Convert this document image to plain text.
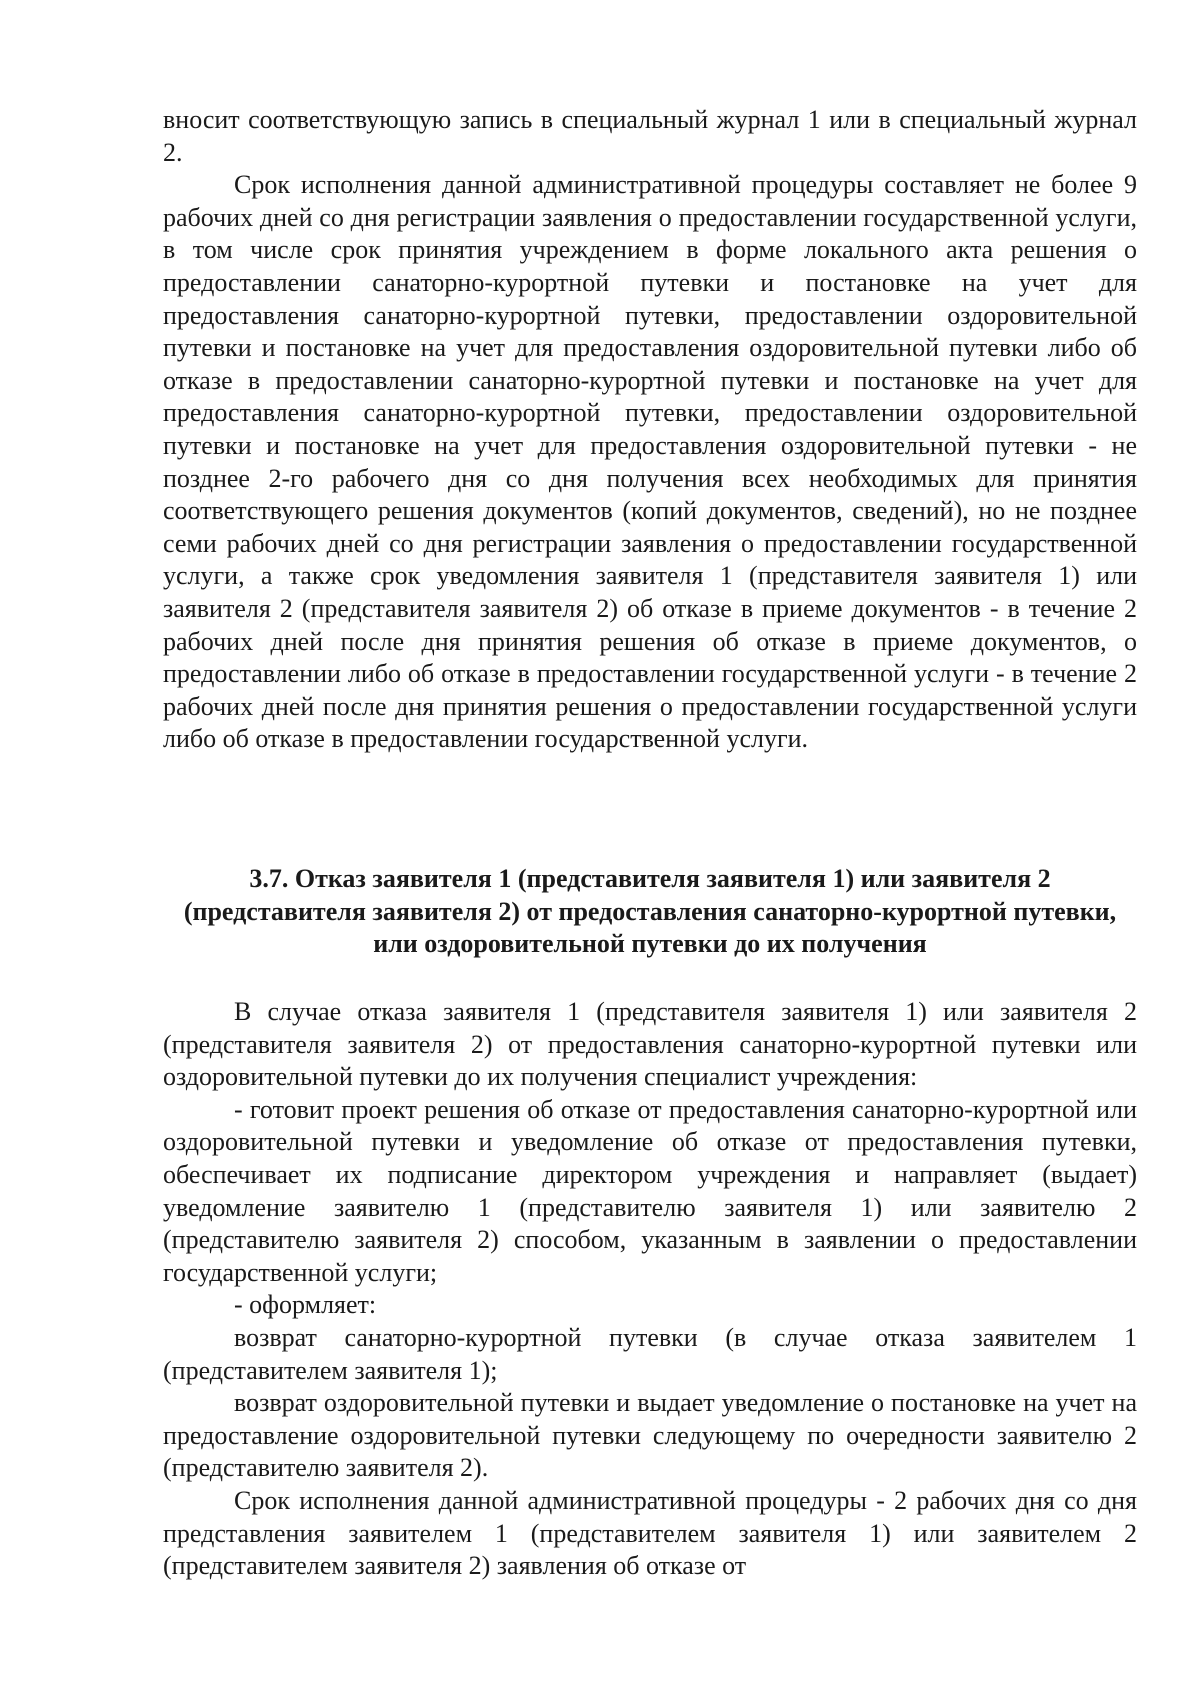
вносит соответствующую запись в специальный журнал 1 или в специальный журнал 2.

Срок исполнения данной административной процедуры составляет не более 9 рабочих дней со дня регистрации заявления о предоставлении государственной услуги, в том числе срок принятия учреждением в форме локального акта решения о предоставлении санаторно-курортной путевки и постановке на учет для предоставления санаторно-курортной путевки, предоставлении оздоровительной путевки и постановке на учет для предоставления оздоровительной путевки либо об отказе в предоставлении санаторно-курортной путевки и постановке на учет для предоставления санаторно-курортной путевки, предоставлении оздоровительной путевки и постановке на учет для предоставления оздоровительной путевки - не позднее 2-го рабочего дня со дня получения всех необходимых для принятия соответствующего решения документов (копий документов, сведений), но не позднее семи рабочих дней со дня регистрации заявления о предоставлении государственной услуги, а также срок уведомления заявителя 1 (представителя заявителя 1) или заявителя 2 (представителя заявителя 2) об отказе в приеме документов - в течение 2 рабочих дней после дня принятия решения об отказе в приеме документов, о предоставлении либо об отказе в предоставлении государственной услуги - в течение 2 рабочих дней после дня принятия решения о предоставлении государственной услуги либо об отказе в предоставлении государственной услуги.

3.7. Отказ заявителя 1 (представителя заявителя 1) или заявителя 2
(представителя заявителя 2) от предоставления санаторно-курортной путевки,
или оздоровительной путевки до их получения

В случае отказа заявителя 1 (представителя заявителя 1) или заявителя 2 (представителя заявителя 2) от предоставления санаторно-курортной путевки или оздоровительной путевки до их получения специалист учреждения:

- готовит проект решения об отказе от предоставления санаторно-курортной или оздоровительной путевки и уведомление об отказе от предоставления путевки, обеспечивает их подписание директором учреждения и направляет (выдает) уведомление заявителю 1 (представителю заявителя 1) или заявителю 2 (представителю заявителя 2) способом, указанным в заявлении о предоставлении государственной услуги;

- оформляет:

возврат санаторно-курортной путевки (в случае отказа заявителем 1 (представителем заявителя 1);

возврат оздоровительной путевки и выдает уведомление о постановке на учет на предоставление оздоровительной путевки следующему по очередности заявителю 2 (представителю заявителя 2).

Срок исполнения данной административной процедуры - 2 рабочих дня со дня представления заявителем 1 (представителем заявителя 1) или заявителем 2 (представителем заявителя 2) заявления об отказе от
